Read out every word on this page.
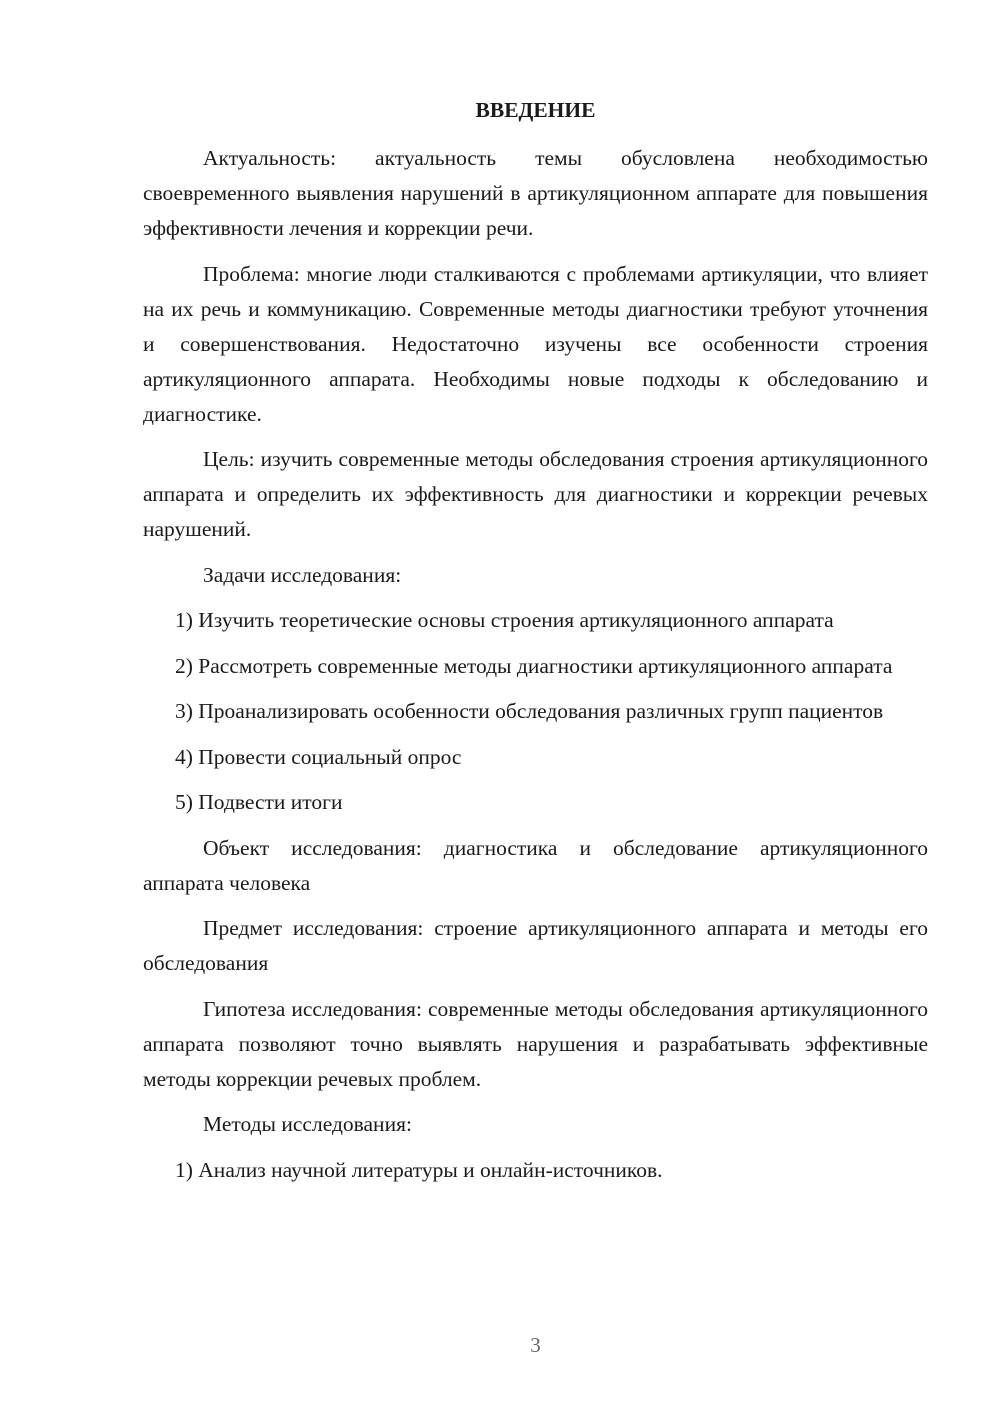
ВВЕДЕНИЕ

Актуальность: актуальность темы обусловлена необходимостью своевременного выявления нарушений в артикуляционном аппарате для повышения эффективности лечения и коррекции речи.

Проблема: многие люди сталкиваются с проблемами артикуляции, что влияет на их речь и коммуникацию. Современные методы диагностики требуют уточнения и совершенствования. Недостаточно изучены все особенности строения артикуляционного аппарата. Необходимы новые подходы к обследованию и диагностике.

Цель: изучить современные методы обследования строения артикуляционного аппарата и определить их эффективность для диагностики и коррекции речевых нарушений.

Задачи исследования:

1) Изучить теоретические основы строения артикуляционного аппарата

2) Рассмотреть современные методы диагностики артикуляционного аппарата

3) Проанализировать особенности обследования различных групп пациентов

4) Провести социальный опрос

5) Подвести итоги

Объект исследования: диагностика и обследование артикуляционного аппарата человека

Предмет исследования: строение артикуляционного аппарата и методы его обследования

Гипотеза исследования: современные методы обследования артикуляционного аппарата позволяют точно выявлять нарушения и разрабатывать эффективные методы коррекции речевых проблем.

Методы исследования:

1) Анализ научной литературы и онлайн-источников.

3
